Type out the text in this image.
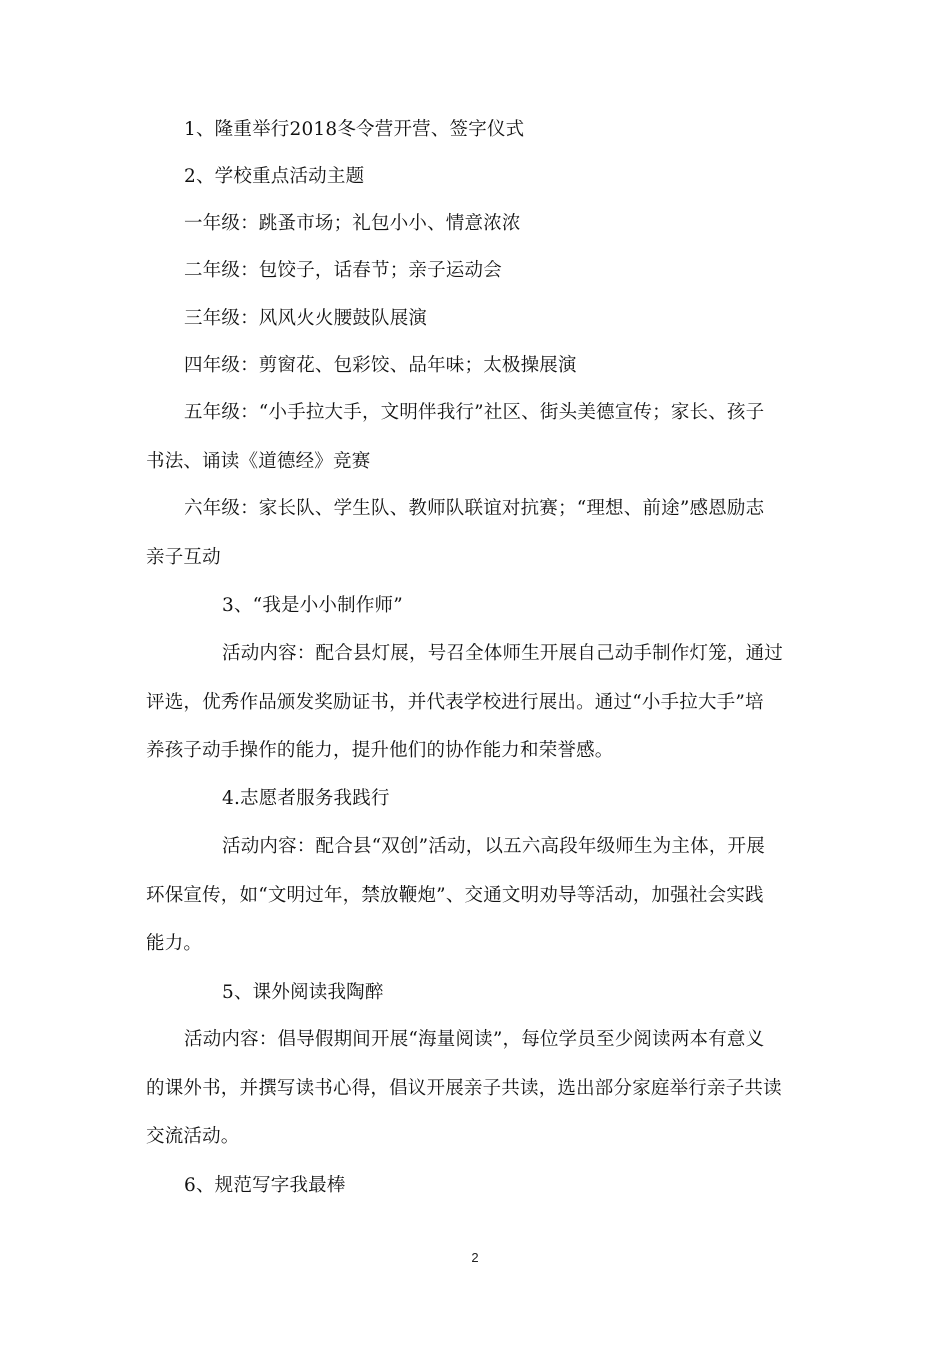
1、隆重举行2018冬令营开营、签字仪式
2、学校重点活动主题
一年级：跳蚤市场；礼包小小、情意浓浓
二年级：包饺子，话春节；亲子运动会
三年级：风风火火腰鼓队展演
四年级：剪窗花、包彩饺、品年味；太极操展演
五年级：“小手拉大手，文明伴我行”社区、街头美德宣传；家长、孩子
书法、诵读《道德经》竞赛
六年级：家长队、学生队、教师队联谊对抗赛；“理想、前途”感恩励志
亲子互动
3、“我是小小制作师”
活动内容：配合县灯展，号召全体师生开展自己动手制作灯笼，通过
评选，优秀作品颁发奖励证书，并代表学校进行展出。通过“小手拉大手”培
养孩子动手操作的能力，提升他们的协作能力和荣誉感。
4.志愿者服务我践行
活动内容：配合县“双创”活动，以五六高段年级师生为主体，开展
环保宣传，如“文明过年，禁放鞭炮”、交通文明劝导等活动，加强社会实践
能力。
5、课外阅读我陶醉
活动内容：倡导假期间开展“海量阅读”，每位学员至少阅读两本有意义
的课外书，并撰写读书心得，倡议开展亲子共读，选出部分家庭举行亲子共读
交流活动。
6、规范写字我最棒
2
